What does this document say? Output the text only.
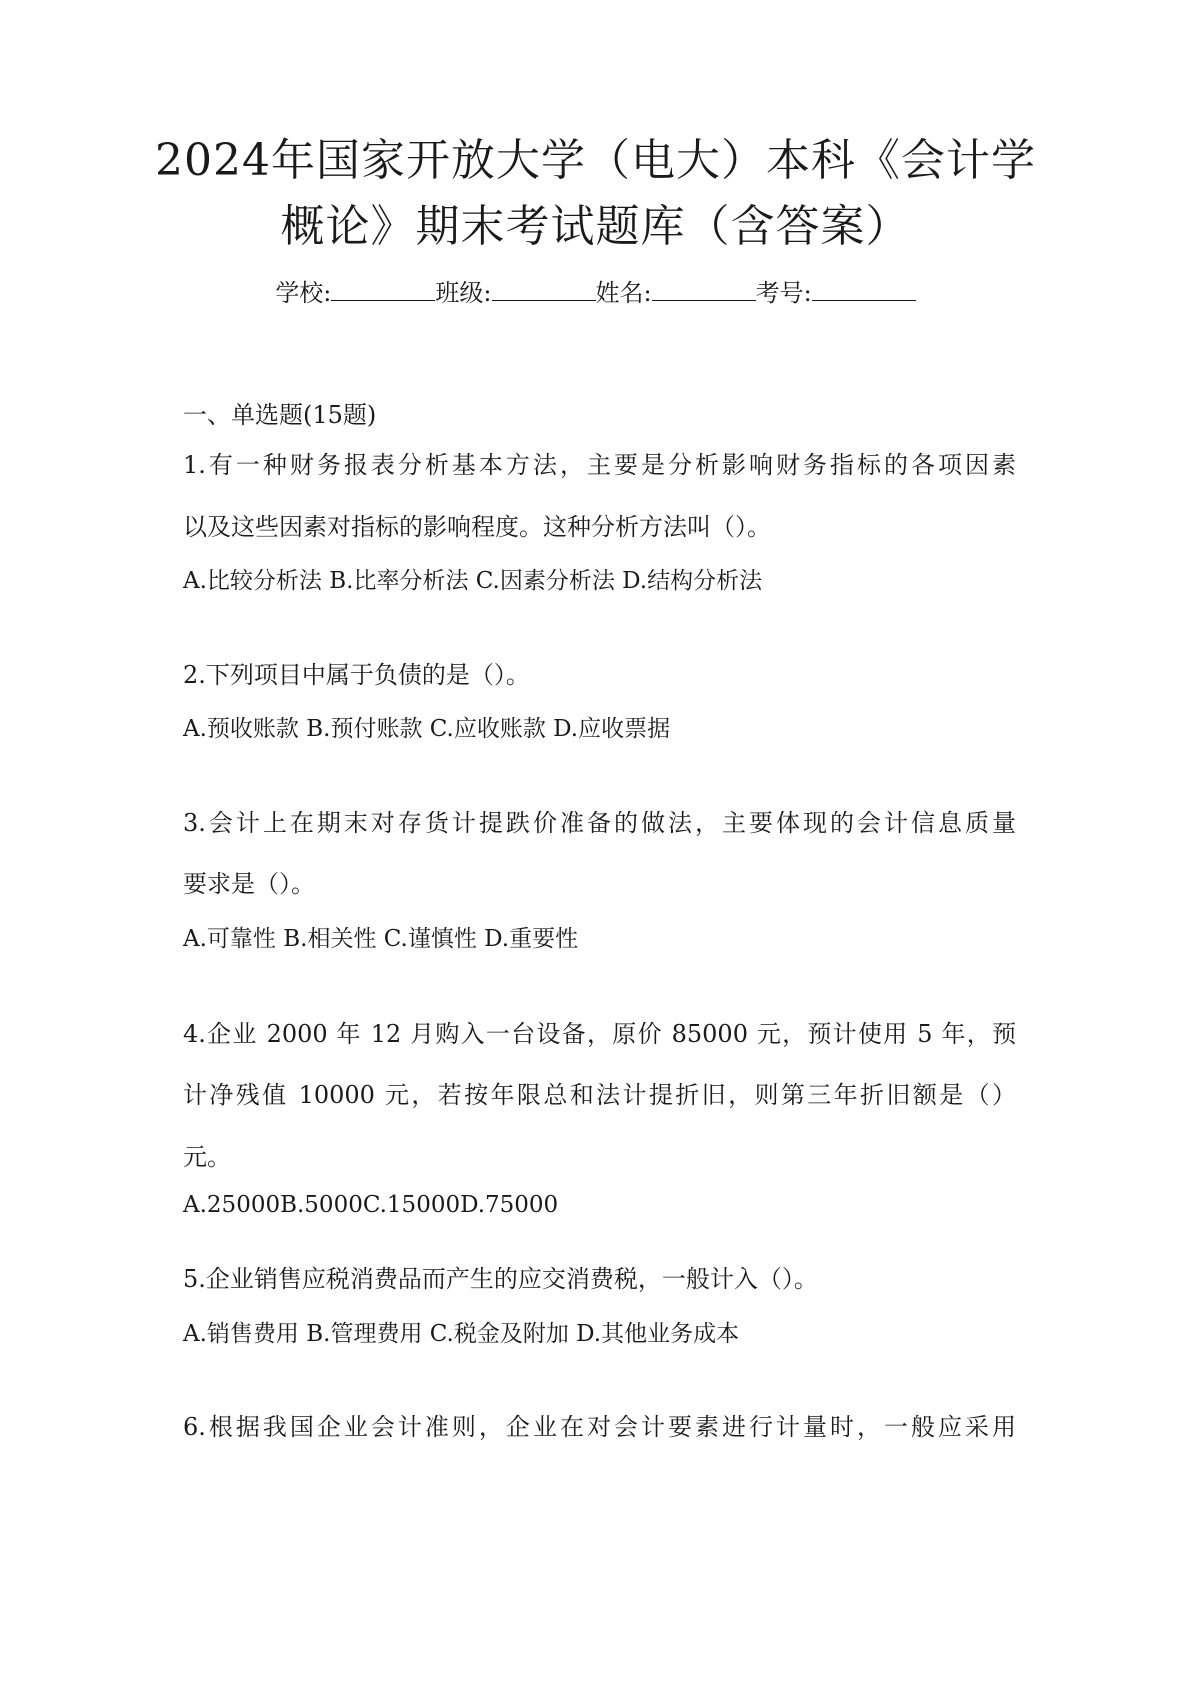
2024年国家开放大学（电大）本科《会计学
概论》期末考试题库（含答案）
学校:	班级:	姓名:	考号:

一、单选题(15题)

1.有一种财务报表分析基本方法，主要是分析影响财务指标的各项因素

以及这些因素对指标的影响程度。这种分析方法叫（）。

A.比较分析法 B.比率分析法 C.因素分析法 D.结构分析法

2.下列项目中属于负债的是（）。

A.预收账款 B.预付账款 C.应收账款 D.应收票据

3.会计上在期末对存货计提跌价准备的做法，主要体现的会计信息质量

要求是（）。

A.可靠性 B.相关性 C.谨慎性 D.重要性

4.企业 2000 年 12 月购入一台设备，原价 85000 元，预计使用 5 年，预

计净残值 10000 元，若按年限总和法计提折旧，则第三年折旧额是（）

元。

A.25000B.5000C.15000D.75000

5.企业销售应税消费品而产生的应交消费税，一般计入（）。

A.销售费用 B.管理费用 C.税金及附加 D.其他业务成本

6.根据我国企业会计准则，企业在对会计要素进行计量时，一般应采用
